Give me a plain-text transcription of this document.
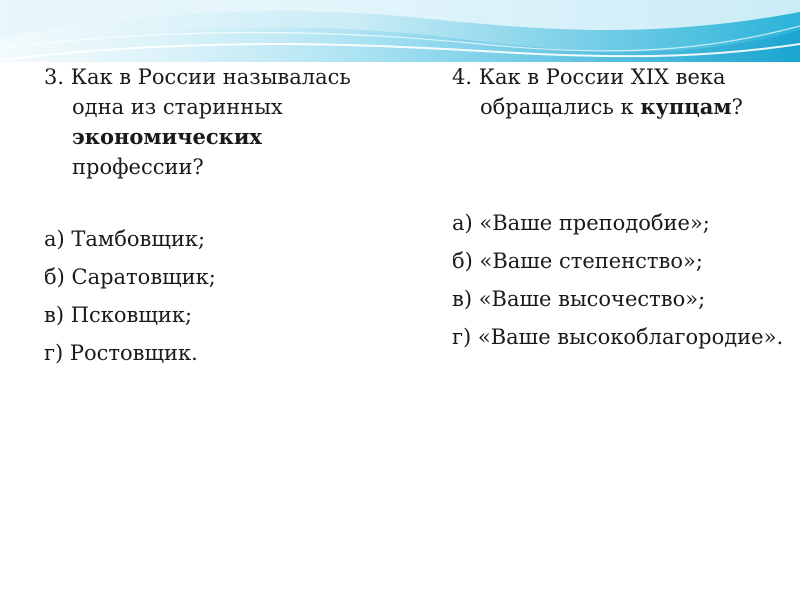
3. Как в России называлась одна из старинных экономических профессии?

а) Тамбовщик;
б) Саратовщик;
в) Псковщик;
г) Ростовщик.

4. Как в России XIX века обращались к купцам?

а) «Ваше преподобие»;
б) «Ваше степенство»;
в) «Ваше высочество»;
г) «Ваше высокоблагородие».
